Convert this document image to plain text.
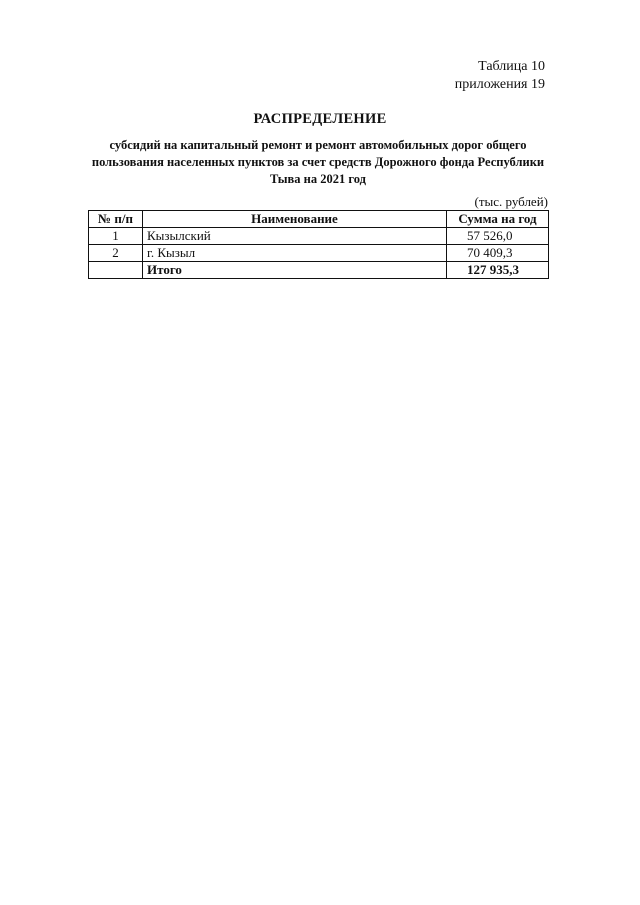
Таблица 10
приложения 19
РАСПРЕДЕЛЕНИЕ
субсидий на капитальный ремонт и ремонт автомобильных дорог общего пользования населенных пунктов за счет средств Дорожного фонда Республики Тыва на 2021 год
(тыс. рублей)
№ п/п	Наименование	Сумма на год
1	Кызылский	57 526,0
2	г. Кызыл	70 409,3
	Итого	127 935,3
